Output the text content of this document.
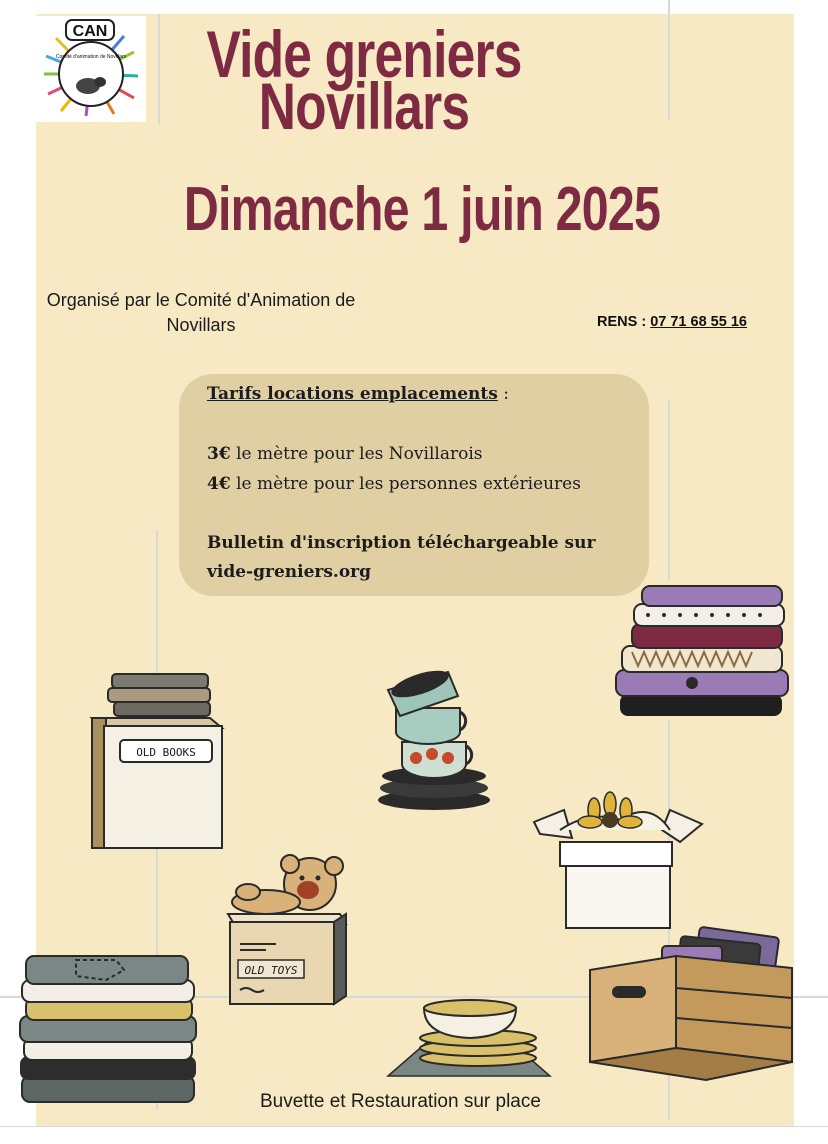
CAN
Comité d'animation de Novillars	Vide greniers
Novillars
Dimanche 1 juin 2025
Organisé par le Comité d'Animation de
Novillars	RENS : 07 71 68 55 16
Tarifs locations emplacements :
3€ le mètre pour les Novillarois
4€ le mètre pour les personnes extérieures
Bulletin d'inscription téléchargeable sur
vide-greniers.org
OLD BOOKS
OLD TOYS
Buvette et Restauration sur place
